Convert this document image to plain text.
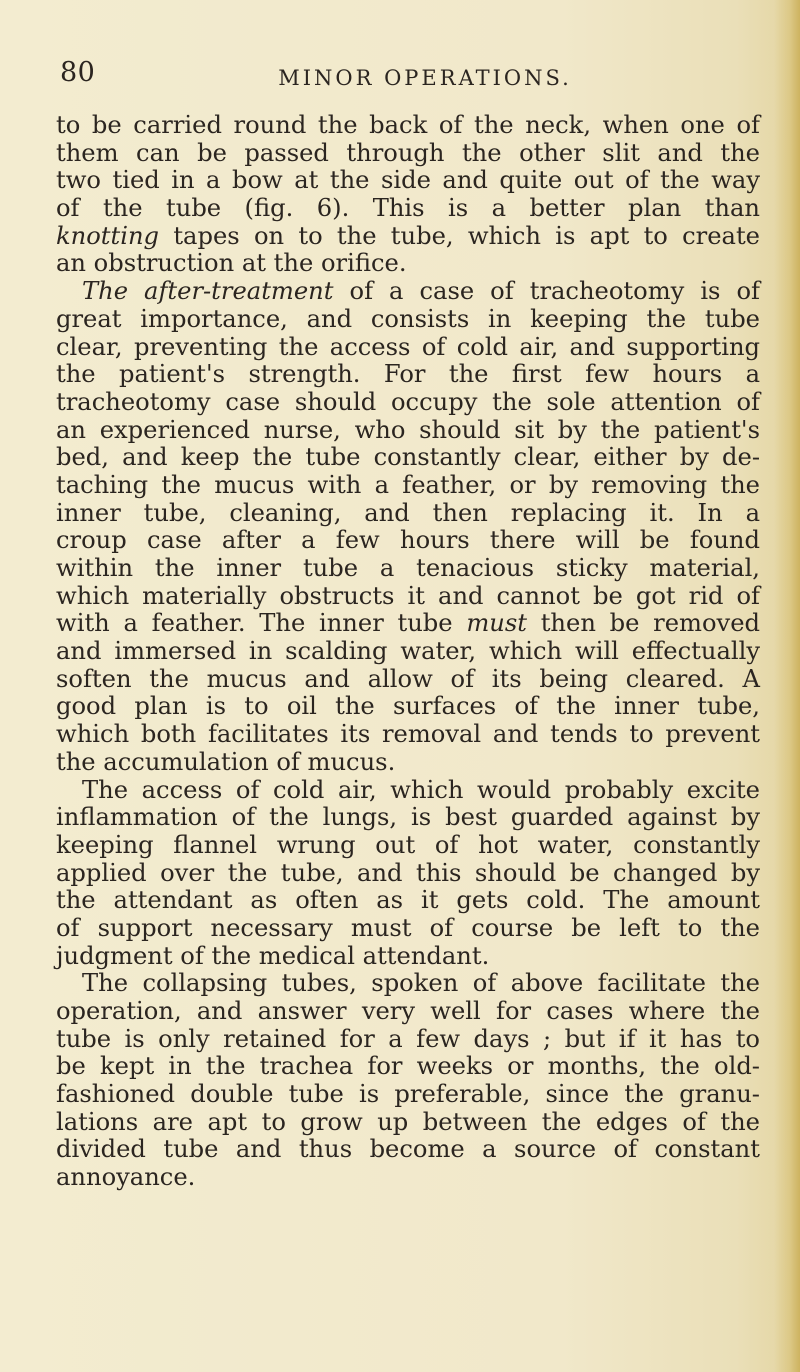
80	MINOR OPERATIONS.
to be carried round the back of the neck, when one of
them can be passed through the other slit and the
two tied in a bow at the side and quite out of the way
of the tube (fig. 6). This is a better plan than
knotting tapes on to the tube, which is apt to create
an obstruction at the orifice.
The after-treatment of a case of tracheotomy is of
great importance, and consists in keeping the tube
clear, preventing the access of cold air, and supporting
the patient's strength. For the first few hours a
tracheotomy case should occupy the sole attention of
an experienced nurse, who should sit by the patient's
bed, and keep the tube constantly clear, either by de-
taching the mucus with a feather, or by removing the
inner tube, cleaning, and then replacing it. In a
croup case after a few hours there will be found
within the inner tube a tenacious sticky material,
which materially obstructs it and cannot be got rid of
with a feather. The inner tube must then be removed
and immersed in scalding water, which will effectually
soften the mucus and allow of its being cleared. A
good plan is to oil the surfaces of the inner tube,
which both facilitates its removal and tends to prevent
the accumulation of mucus.
The access of cold air, which would probably excite
inflammation of the lungs, is best guarded against by
keeping flannel wrung out of hot water, constantly
applied over the tube, and this should be changed by
the attendant as often as it gets cold. The amount
of support necessary must of course be left to the
judgment of the medical attendant.
The collapsing tubes, spoken of above facilitate the
operation, and answer very well for cases where the
tube is only retained for a few days ; but if it has to
be kept in the trachea for weeks or months, the old-
fashioned double tube is preferable, since the granu-
lations are apt to grow up between the edges of the
divided tube and thus become a source of constant
annoyance.
